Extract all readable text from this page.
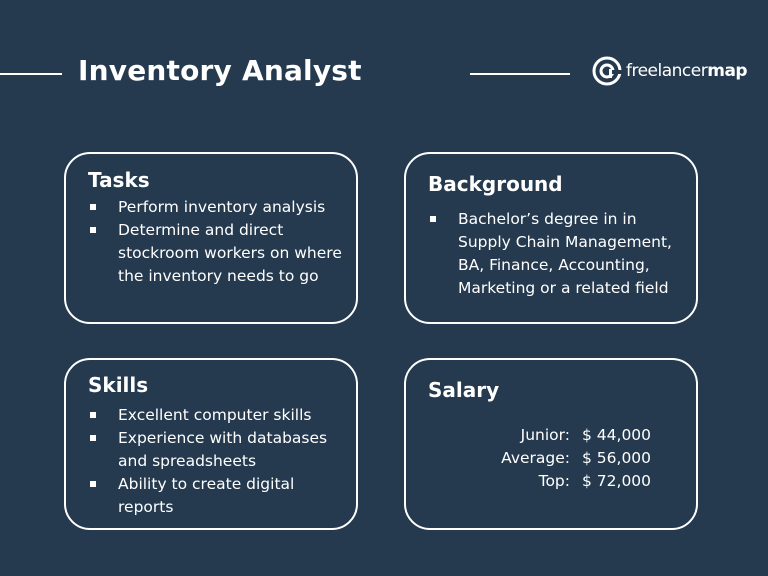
Inventory Analyst	freelancermap
Tasks
Perform inventory analysis
Determine and direct stockroom workers on where the inventory needs to go
Background
Bachelor’s degree in in Supply Chain Management, BA, Finance, Accounting, Marketing or a related field
Skills
Excellent computer skills
Experience with databases and spreadsheets
Ability to create digital reports
Salary
Junior: $ 44,000
Average: $ 56,000
Top: $ 72,000
